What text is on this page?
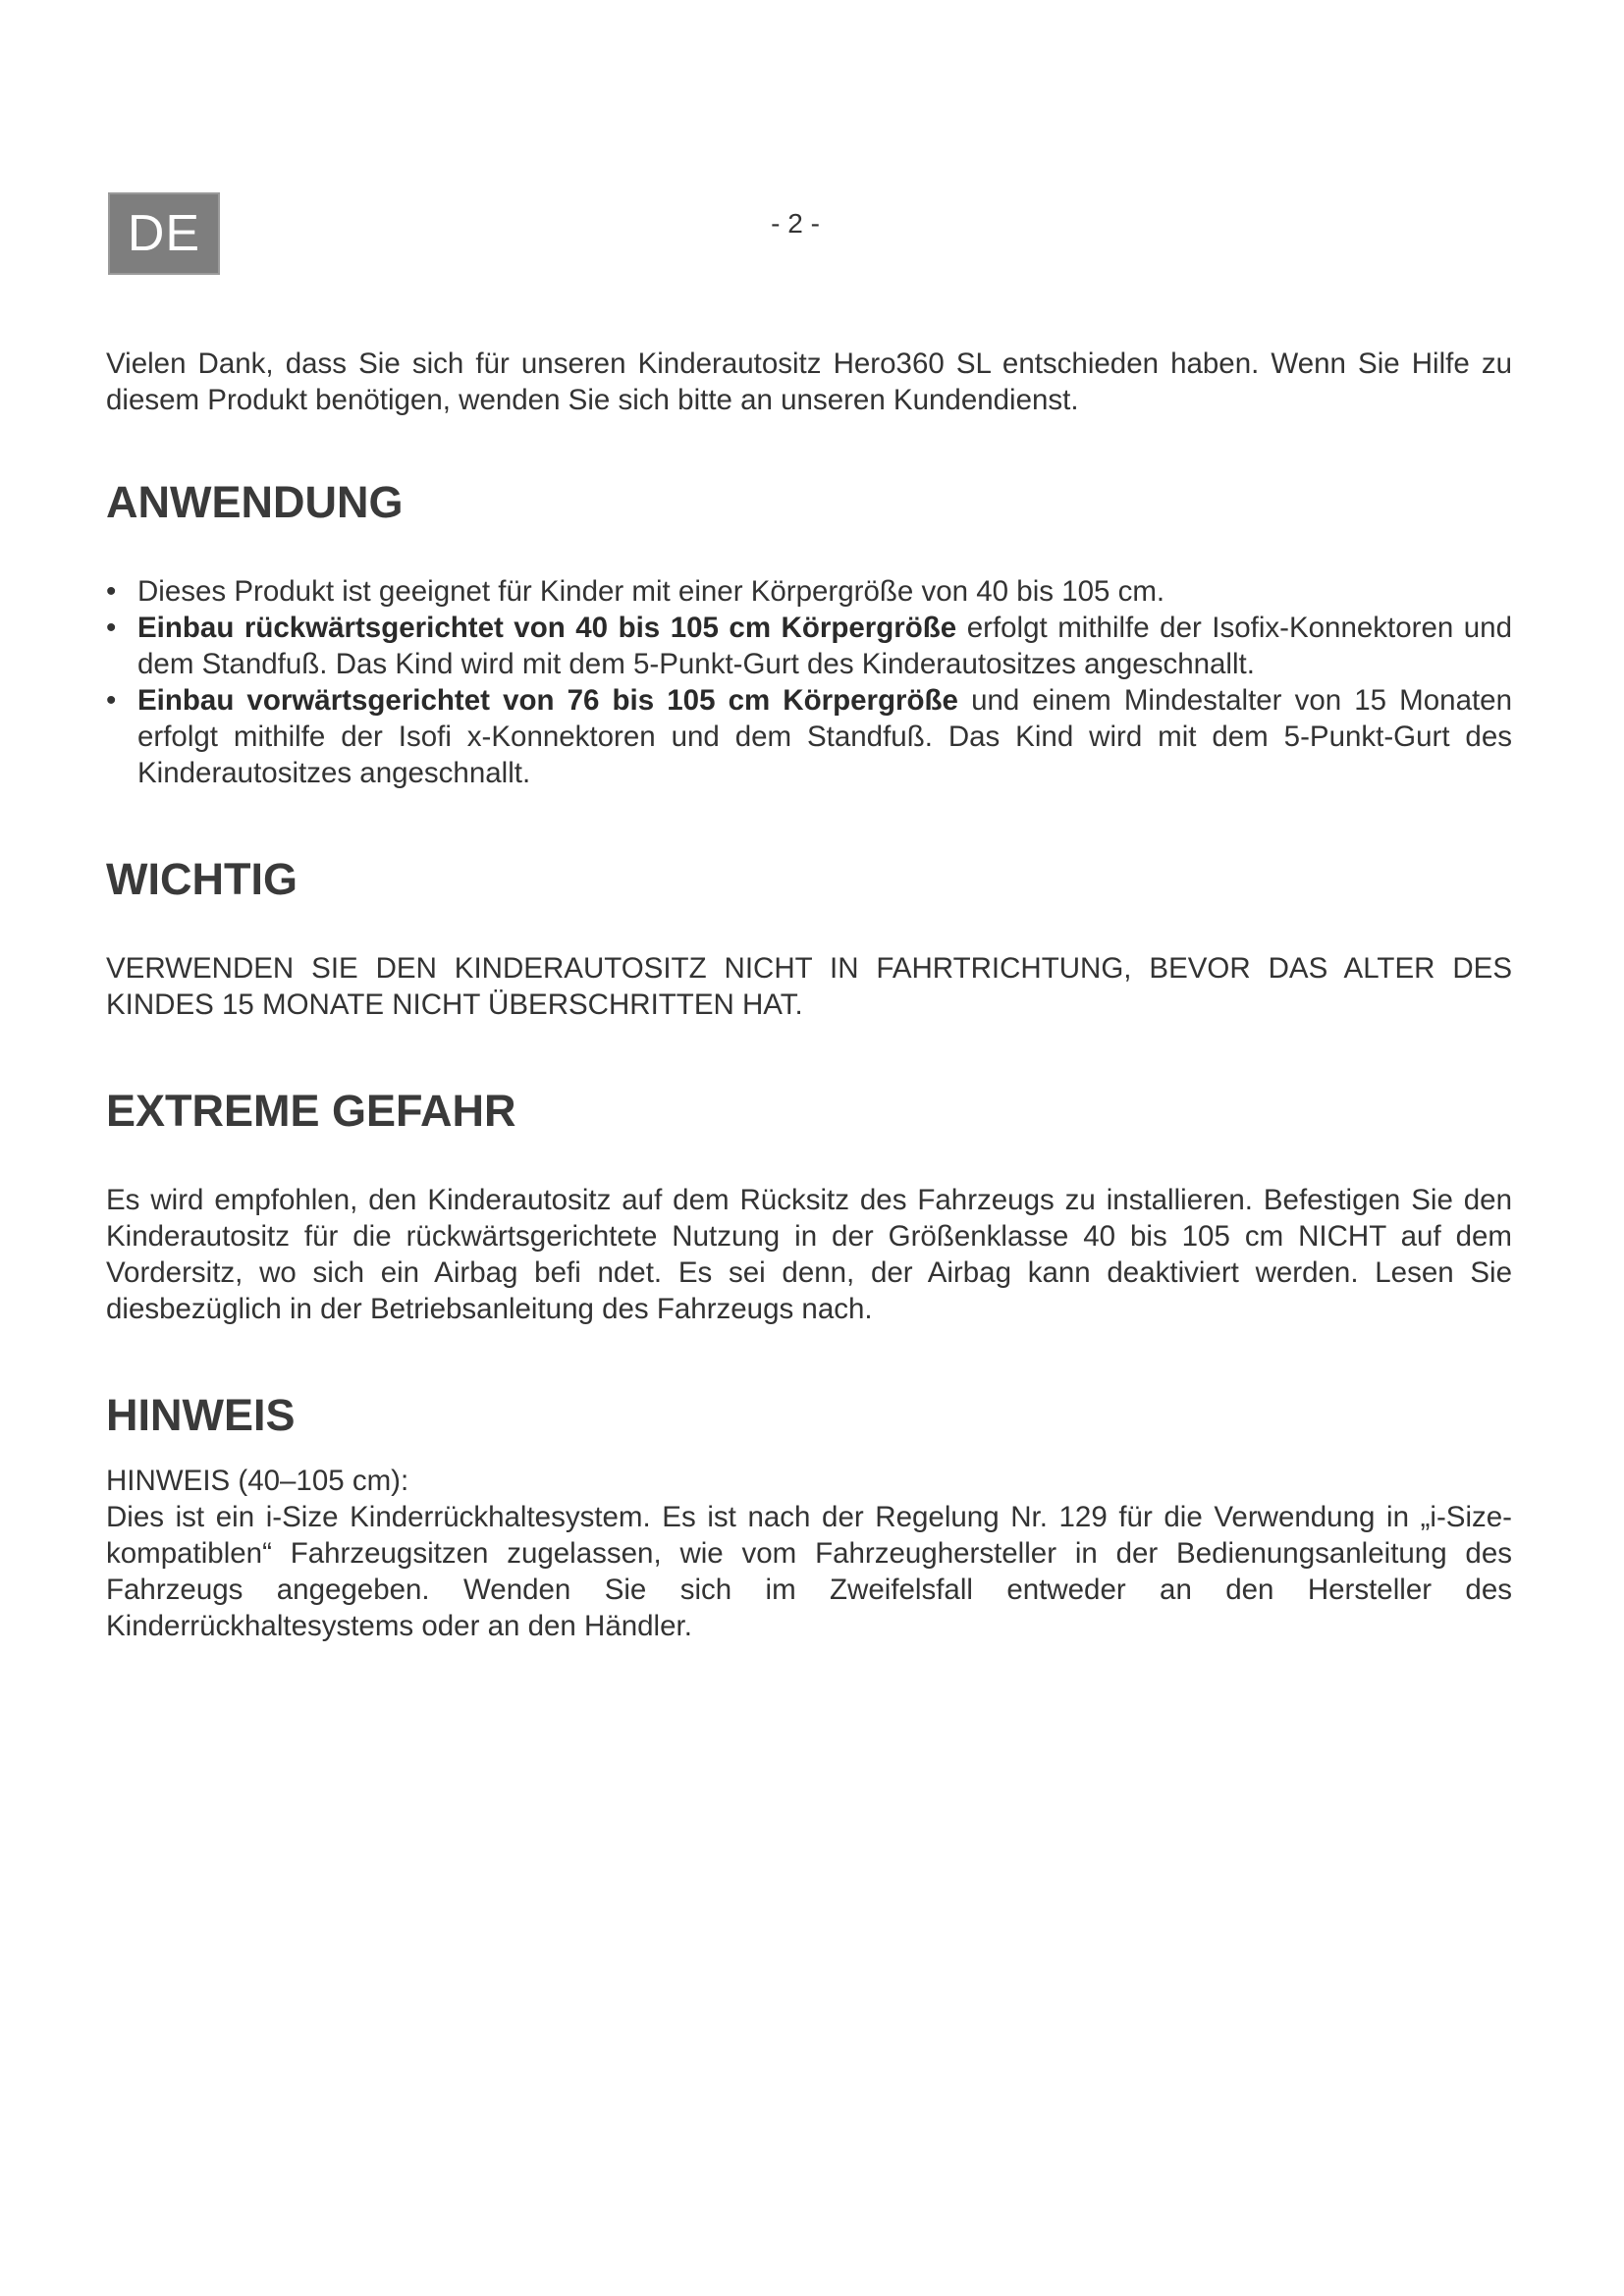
DE	- 2 -

Vielen Dank, dass Sie sich für unseren Kinderautositz Hero360 SL entschieden haben. Wenn Sie Hilfe zu diesem Produkt benötigen, wenden Sie sich bitte an unseren Kundendienst.

ANWENDUNG
• Dieses Produkt ist geeignet für Kinder mit einer Körpergröße von 40 bis 105 cm.
• Einbau rückwärtsgerichtet von 40 bis 105 cm Körpergröße erfolgt mithilfe der Isofix-Konnektoren und dem Standfuß. Das Kind wird mit dem 5-Punkt-Gurt des Kinderautositzes angeschnallt.
• Einbau vorwärtsgerichtet von 76 bis 105 cm Körpergröße und einem Mindestalter von 15 Monaten erfolgt mithilfe der Isofi x-Konnektoren und dem Standfuß. Das Kind wird mit dem 5-Punkt-Gurt des Kinderautositzes angeschnallt.
WICHTIG

VERWENDEN SIE DEN KINDERAUTOSITZ NICHT IN FAHRTRICHTUNG, BEVOR DAS ALTER DES KINDES 15 MONATE NICHT ÜBERSCHRITTEN HAT.

EXTREME GEFAHR

Es wird empfohlen, den Kinderautositz auf dem Rücksitz des Fahrzeugs zu installieren. Befestigen Sie den Kinderautositz für die rückwärtsgerichtete Nutzung in der Größenklasse 40 bis 105 cm NICHT auf dem Vordersitz, wo sich ein Airbag befi ndet. Es sei denn, der Airbag kann deaktiviert werden. Lesen Sie diesbezüglich in der Betriebsanleitung des Fahrzeugs nach.

HINWEIS

HINWEIS (40–105 cm):

Dies ist ein i-Size Kinderrückhaltesystem. Es ist nach der Regelung Nr. 129 für die Verwendung in „i-Size-kompatiblen“ Fahrzeugsitzen zugelassen, wie vom Fahrzeughersteller in der Bedienungsanleitung des Fahrzeugs angegeben. Wenden Sie sich im Zweifelsfall entweder an den Hersteller des Kinderrückhaltesystems oder an den Händler.
